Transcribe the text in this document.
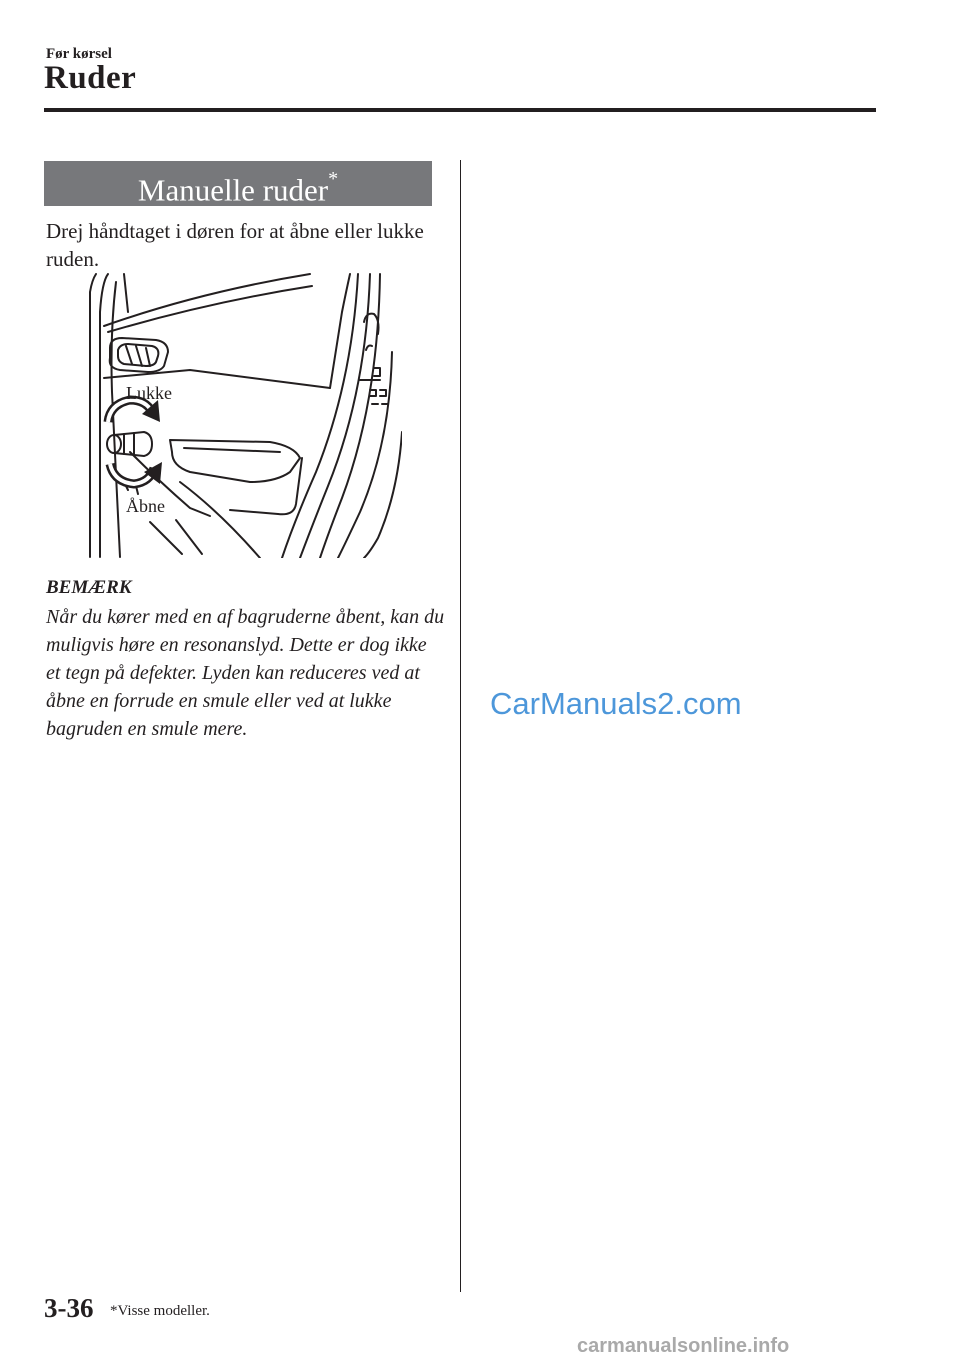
Før kørsel
Ruder
Manuelle ruder*

Drej håndtaget i døren for at åbne eller lukke ruden.

Lukke
Åbne
BEMÆRK

Når du kører med en af bagruderne åbent, kan du muligvis høre en resonanslyd. Dette er dog ikke et tegn på defekter. Lyden kan reduceres ved at åbne en forrude en smule eller ved at lukke bagruden en smule mere.

CarManuals2.com
3-36 *Visse modeller.
carmanualsonline.info
